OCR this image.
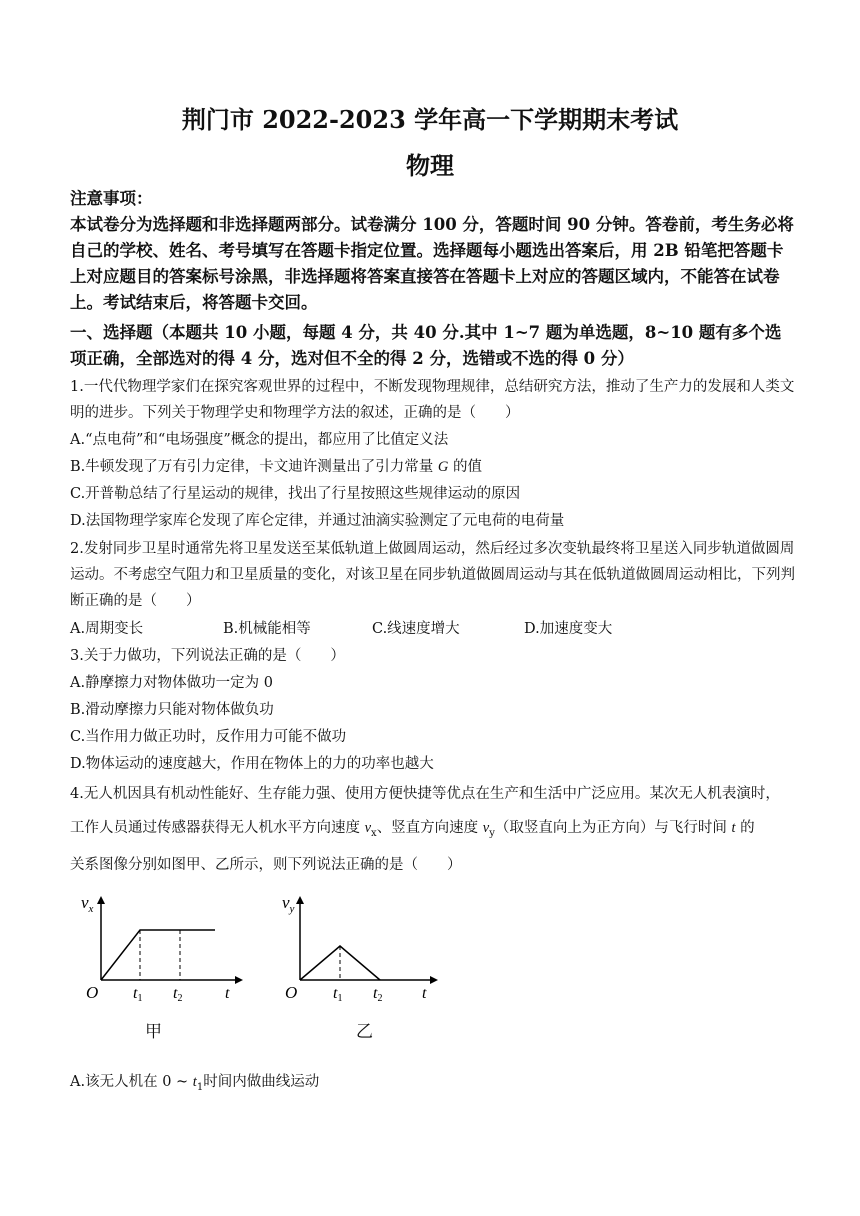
荆门市 2022-2023 学年高一下学期期末考试
物理
注意事项：
本试卷分为选择题和非选择题两部分。试卷满分 100 分，答题时间 90 分钟。答卷前，考生务必将自己的学校、姓名、考号填写在答题卡指定位置。选择题每小题选出答案后，用 2B 铅笔把答题卡上对应题目的答案标号涂黑，非选择题将答案直接答在答题卡上对应的答题区域内，不能答在试卷上。考试结束后，将答题卡交回。
一、选择题（本题共 10 小题，每题 4 分，共 40 分.其中 1~7 题为单选题，8~10 题有多个选项正确，全部选对的得 4 分，选对但不全的得 2 分，选错或不选的得 0 分）
1.一代代物理学家们在探究客观世界的过程中，不断发现物理规律，总结研究方法，推动了生产力的发展和人类文明的进步。下列关于物理学史和物理学方法的叙述，正确的是（　　）
A.“点电荷”和“电场强度”概念的提出，都应用了比值定义法
B.牛顿发现了万有引力定律，卡文迪许测量出了引力常量 G 的值
C.开普勒总结了行星运动的规律，找出了行星按照这些规律运动的原因
D.法国物理学家库仑发现了库仑定律，并通过油滴实验测定了元电荷的电荷量
2.发射同步卫星时通常先将卫星发送至某低轨道上做圆周运动，然后经过多次变轨最终将卫星送入同步轨道做圆周运动。不考虑空气阻力和卫星质量的变化，对该卫星在同步轨道做圆周运动与其在低轨道做圆周运动相比，下列判断正确的是（　　）
A.周期变长	B.机械能相等	C.线速度增大	D.加速度变大
3.关于力做功，下列说法正确的是（　　）
A.静摩擦力对物体做功一定为 0
B.滑动摩擦力只能对物体做负功
C.当作用力做正功时，反作用力可能不做功
D.物体运动的速度越大，作用在物体上的力的功率也越大
4.无人机因具有机动性能好、生存能力强、使用方便快捷等优点在生产和生活中广泛应用。某次无人机表演时，
工作人员通过传感器获得无人机水平方向速度 $v_x$、竖直方向速度 $v_y$（取竖直向上为正方向）与飞行时间 t 的
关系图像分别如图甲、乙所示，则下列说法正确的是（　　）
$v_x$
O t1 t2	t
甲
$v_y$
O t1 t2 t
乙
A.该无人机在 0 ~ $t_1$时间内做曲线运动
